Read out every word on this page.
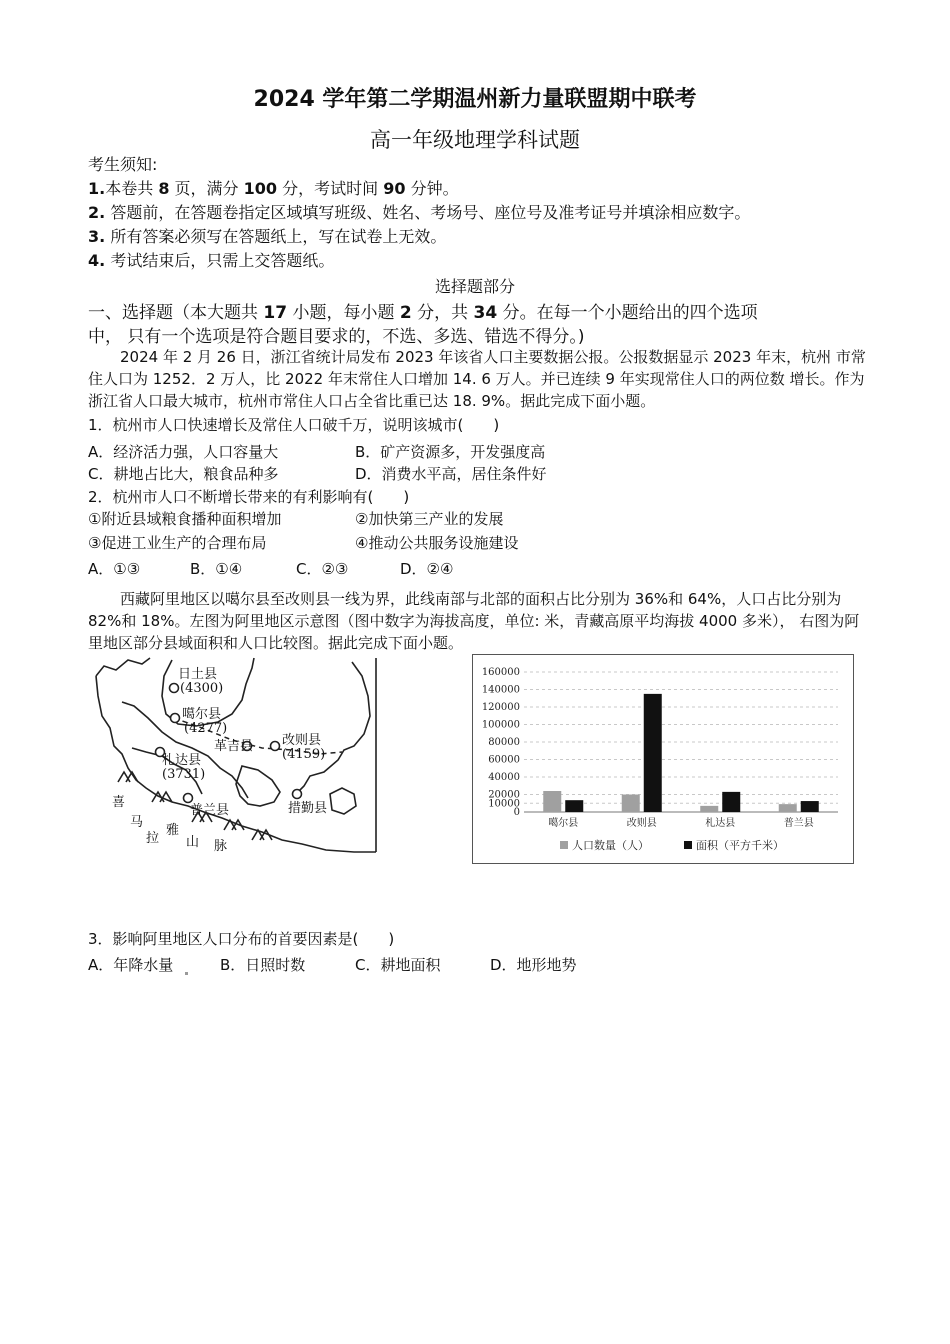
2024 学年第二学期温州新力量联盟期中联考
高一年级地理学科试题
考生须知:
1.本卷共 8 页，满分 100 分，考试时间 90 分钟。
2. 答题前，在答题卷指定区域填写班级、姓名、考场号、座位号及准考证号并填涂相应数字。
3. 所有答案必须写在答题纸上，写在试卷上无效。
4. 考试结束后，只需上交答题纸。
选择题部分
一、选择题（本大题共 17 小题，每小题 2 分，共 34 分。在每一个小题给出的四个选项
中， 只有一个选项是符合题目要求的，不选、多选、错选不得分。)
2024 年 2 月 26 日，浙江省统计局发布 2023 年该省人口主要数据公报。公报数据显示 2023 年末，杭州 市常住人口为 1252．2 万人，比 2022 年末常住人口增加 14. 6 万人。并已连续 9 年实现常住人口的两位数 增长。作为浙江省人口最大城市，杭州市常住人口占全省比重已达 18. 9%。据此完成下面小题。
1．杭州市人口快速增长及常住人口破千万，说明该城市(　　)
A．经济活力强，人口容量大	B．矿产资源多，开发强度高
C．耕地占比大，粮食品种多	D．消费水平高，居住条件好
2．杭州市人口不断增长带来的有利影响有(　　)
①附近县域粮食播种面积增加	②加快第三产业的发展
③促进工业生产的合理布局	④推动公共服务设施建设
A．①③	B．①④	C．②③	D．②④
西藏阿里地区以噶尔县至改则县一线为界，此线南部与北部的面积占比分别为 36%和 64%，人口占比分别为 82%和 18%。左图为阿里地区示意图（图中数字为海拔高度，单位: 米，青藏高原平均海拔 4000 多米）， 右图为阿里地区部分县域面积和人口比较图。据此完成下面小题。
日土县
(4300)
噶尔县
(4277)
革吉县 改则县
(4159)
札达县
(3731)
普兰县	措勤县
喜
马
拉
雅
山 脉
0
10000
20000
40000
60000
80000
100000
120000
140000
160000
噶尔县	改则县	札达县	普兰县
人口数量（人）	面积（平方千米）
3．影响阿里地区人口分布的首要因素是(　　)
A．年降水量	B．日照时数	C．耕地面积	D．地形地势
